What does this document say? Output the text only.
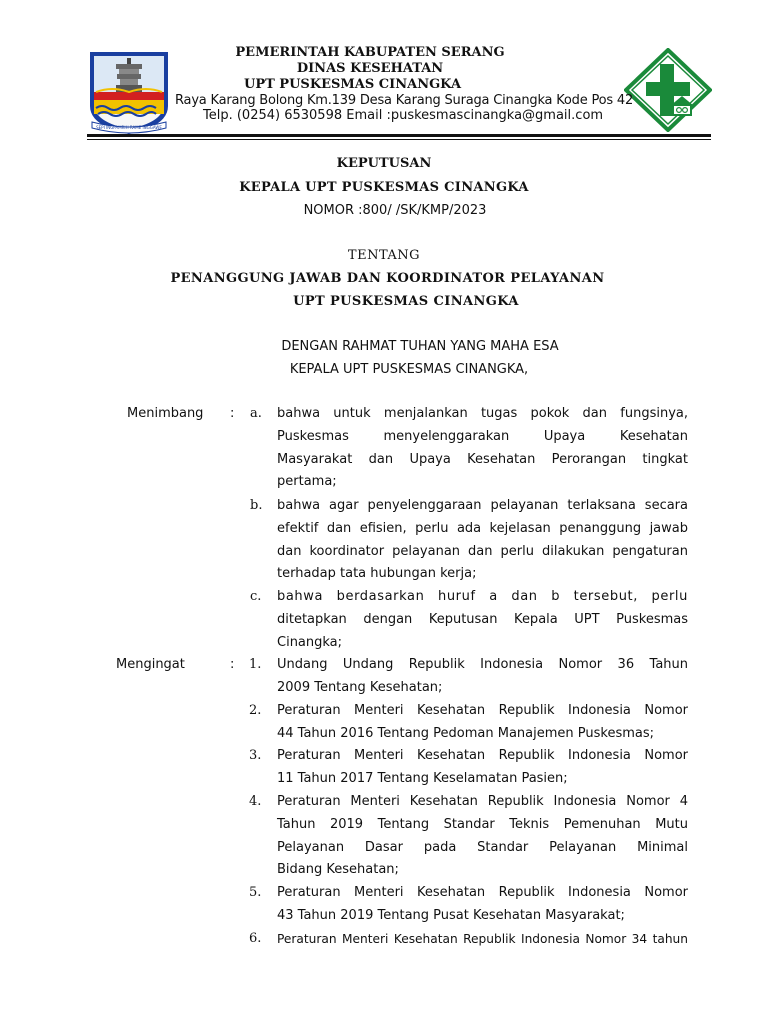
SEPI INGPAMRIH RAME INGGAWE
PEMERINTAH KABUPATEN SERANG
DINAS KESEHATAN
UPT PUSKESMAS CINANGKA
Raya Karang Bolong Km.139 Desa Karang Suraga Cinangka Kode Pos 42
Telp. (0254) 6530598 Email :puskesmascinangka@gmail.com
KEPUTUSAN
KEPALA UPT PUSKESMAS CINANGKA
NOMOR :800/ /SK/KMP/2023
TENTANG
PENANGGUNG JAWAB DAN KOORDINATOR PELAYANAN
UPT PUSKESMAS CINANGKA
DENGAN RAHMAT TUHAN YANG MAHA ESA
KEPALA UPT PUSKESMAS CINANGKA,
Menimbang : a. bahwa untuk menjalankan tugas pokok dan fungsinya,
Puskesmas menyelenggarakan Upaya Kesehatan
Masyarakat dan Upaya Kesehatan Perorangan tingkat
pertama;
b. bahwa agar penyelenggaraan pelayanan terlaksana secara
efektif dan efisien, perlu ada kejelasan penanggung jawab
dan koordinator pelayanan dan perlu dilakukan pengaturan
terhadap tata hubungan kerja;
c. bahwa berdasarkan huruf a dan b tersebut, perlu
ditetapkan dengan Keputusan Kepala UPT Puskesmas
Cinangka;
Mengingat	: 1. Undang Undang Republik Indonesia Nomor 36 Tahun
2009 Tentang Kesehatan;
2. Peraturan Menteri Kesehatan Republik Indonesia Nomor
44 Tahun 2016 Tentang Pedoman Manajemen Puskesmas;
3. Peraturan Menteri Kesehatan Republik Indonesia Nomor
11 Tahun 2017 Tentang Keselamatan Pasien;
4. Peraturan Menteri Kesehatan Republik Indonesia Nomor 4
Tahun 2019 Tentang Standar Teknis Pemenuhan Mutu
Pelayanan Dasar pada Standar Pelayanan Minimal
Bidang Kesehatan;
5. Peraturan Menteri Kesehatan Republik Indonesia Nomor
43 Tahun 2019 Tentang Pusat Kesehatan Masyarakat;
6. Peraturan Menteri Kesehatan Republik Indonesia Nomor 34 tahun
